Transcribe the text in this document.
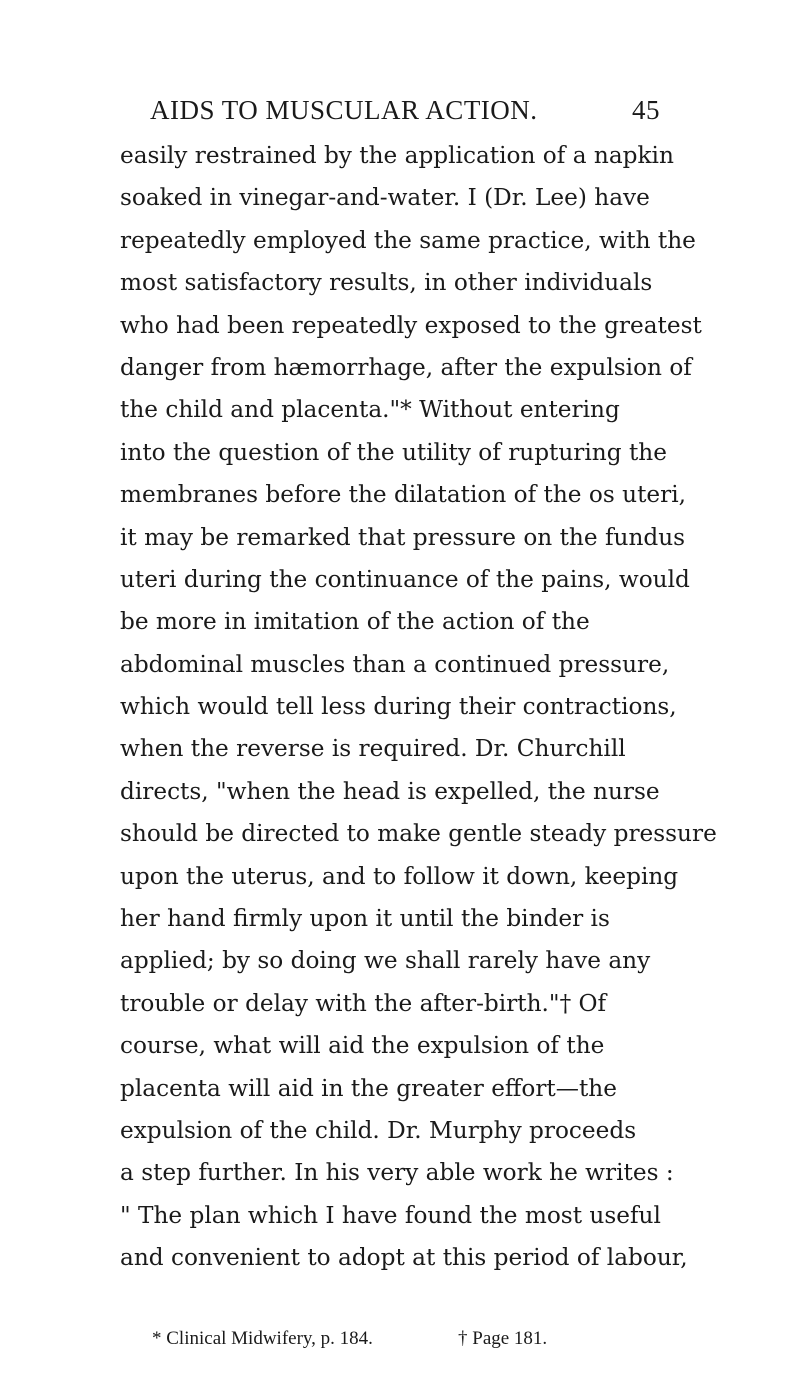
AIDS TO MUSCULAR ACTION.	45
easily restrained by the application of a napkin
soaked in vinegar-and-water. I (Dr. Lee) have
repeatedly employed the same practice, with the
most satisfactory results, in other individuals
who had been repeatedly exposed to the greatest
danger from hæmorrhage, after the expulsion of
the child and placenta."* Without entering
into the question of the utility of rupturing the
membranes before the dilatation of the os uteri,
it may be remarked that pressure on the fundus
uteri during the continuance of the pains, would
be more in imitation of the action of the
abdominal muscles than a continued pressure,
which would tell less during their contractions,
when the reverse is required. Dr. Churchill
directs, "when the head is expelled, the nurse
should be directed to make gentle steady pressure
upon the uterus, and to follow it down, keeping
her hand firmly upon it until the binder is
applied; by so doing we shall rarely have any
trouble or delay with the after-birth."† Of
course, what will aid the expulsion of the
placenta will aid in the greater effort—the
expulsion of the child. Dr. Murphy proceeds
a step further. In his very able work he writes :
" The plan which I have found the most useful
and convenient to adopt at this period of labour,
* Clinical Midwifery, p. 184.	† Page 181.
